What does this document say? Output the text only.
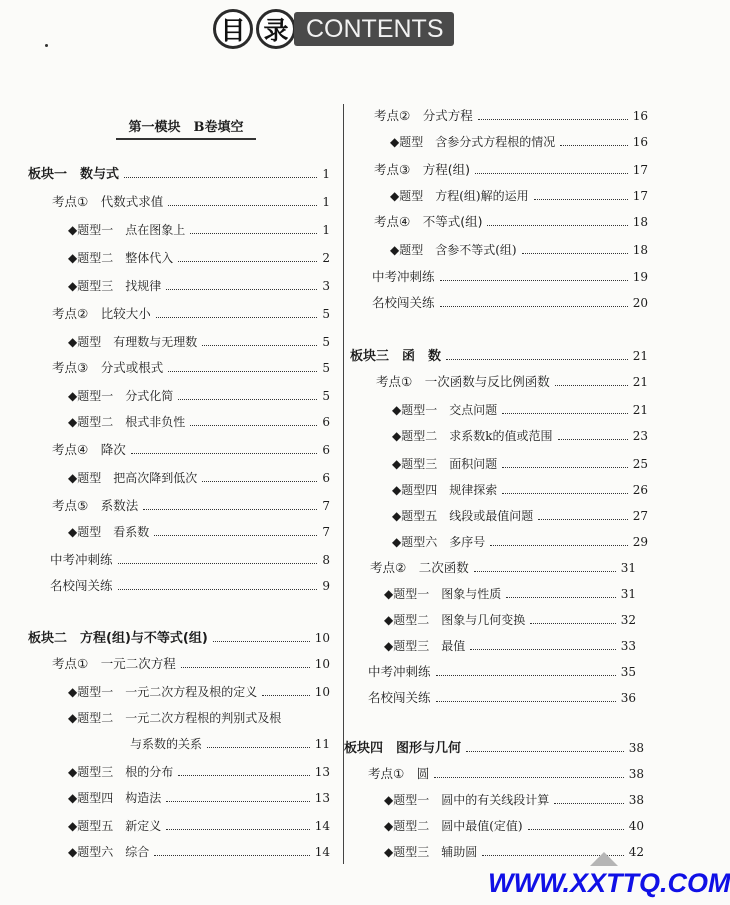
目 录 CONTENTS
第一模块　B卷填空
板块一　数与式	1
考点①　代数式求值	1
◆题型一　点在图象上	1
◆题型二　整体代入	2
◆题型三　找规律	3
考点②　比较大小	5
◆题型　有理数与无理数	5
考点③　分式或根式	5
◆题型一　分式化简	5
◆题型二　根式非负性	6
考点④　降次	6
◆题型　把高次降到低次	6
考点⑤　系数法	7
◆题型　看系数	7
中考冲刺练	8
名校闯关练	9
板块二　方程(组)与不等式(组)	10
考点①　一元二次方程	10
◆题型一　一元二次方程及根的定义	10
◆题型二　一元二次方程根的判别式及根
与系数的关系	11
◆题型三　根的分布	13
◆题型四　构造法	13
◆题型五　新定义	14
◆题型六　综合	14
考点②　分式方程	16
◆题型　含参分式方程根的情况	16
考点③　方程(组)	17
◆题型　方程(组)解的运用	17
考点④　不等式(组)	18
◆题型　含参不等式(组)	18
中考冲刺练	19
名校闯关练	20
板块三　函　数	21
考点①　一次函数与反比例函数	21
◆题型一　交点问题	21
◆题型二　求系数k的值或范围	23
◆题型三　面积问题	25
◆题型四　规律探索	26
◆题型五　线段或最值问题	27
◆题型六　多序号	29
考点②　二次函数	31
◆题型一　图象与性质	31
◆题型二　图象与几何变换	32
◆题型三　最值	33
中考冲刺练	35
名校闯关练	36
板块四　图形与几何	38
考点①　圆	38
◆题型一　圆中的有关线段计算	38
◆题型二　圆中最值(定值)	40
◆题型三　辅助圆	42
WWW.XXTTQ.COM
